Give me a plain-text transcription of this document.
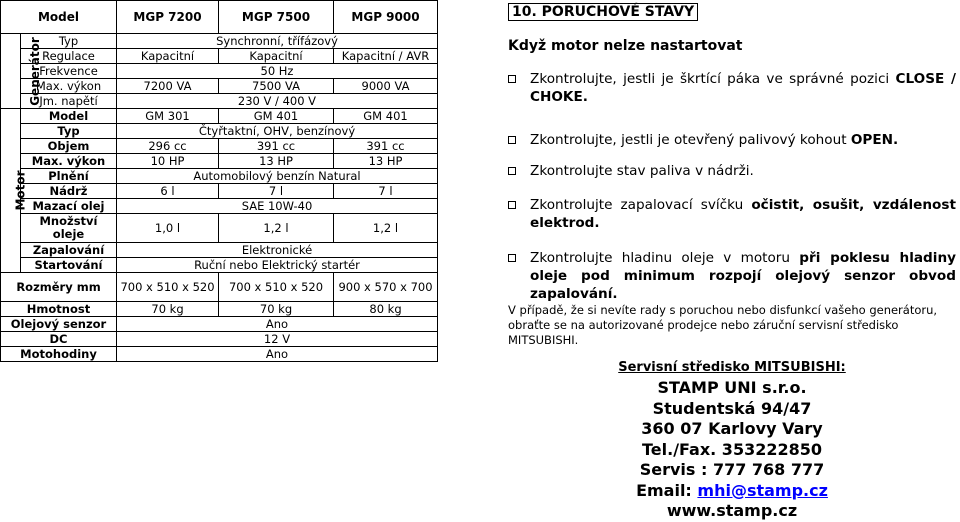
Model		MGP 7200	MGP 7500	MGP 9000
Generátor	Typ	Synchronní, třífázový		
	Regulace	Kapacitní	Kapacitní	Kapacitní / AVR
	Frekvence	50 Hz		
	Max. výkon	7200 VA	7500 VA	9000 VA
	Jm. napětí	230 V / 400 V		
Motor	Model	GM 301	GM 401	GM 401
	Typ	Čtyřtaktní, OHV, benzínový		
	Objem	296 cc	391 cc	391 cc
	Max. výkon	10 HP	13 HP	13 HP
	Plnění	Automobilový benzín Natural		
	Nádrž	6 l	7 l	7 l
	Mazací olej	SAE 10W-40		
	Množství oleje	1,0 l	1,2 l	1,2 l
	Zapalování	Elektronické		
	Startování	Ruční nebo Elektrický startér		
Rozměry mm		700 x 510 x 520	700 x 510 x 520	900 x 570 x 700
Hmotnost		70 kg	70 kg	80 kg
Olejový senzor		Ano		
DC		12 V		
Motohodiny		Ano		
10. PORUCHOVÉ STAVY
Když motor nelze nastartovat
Zkontrolujte, jestli je škrtící páka ve správné pozici CLOSE / CHOKE.
Zkontrolujte, jestli je otevřený palivový kohout OPEN.
Zkontrolujte stav paliva v nádrži.
Zkontrolujte zapalovací svíčku očistit, osušit, vzdálenost elektrod.
Zkontrolujte hladinu oleje v motoru při poklesu hladiny oleje pod minimum rozpojí olejový senzor obvod zapalování.
V případě, že si nevíte rady s poruchou nebo disfunkcí vašeho generátoru, obraťte se na autorizované prodejce nebo záruční servisní středisko MITSUBISHI.
Servisní středisko MITSUBISHI:
STAMP UNI s.r.o.
Studentská 94/47
360 07 Karlovy Vary
Tel./Fax. 353222850
Servis : 777 768 777
Email: mhi@stamp.cz
www.stamp.cz
